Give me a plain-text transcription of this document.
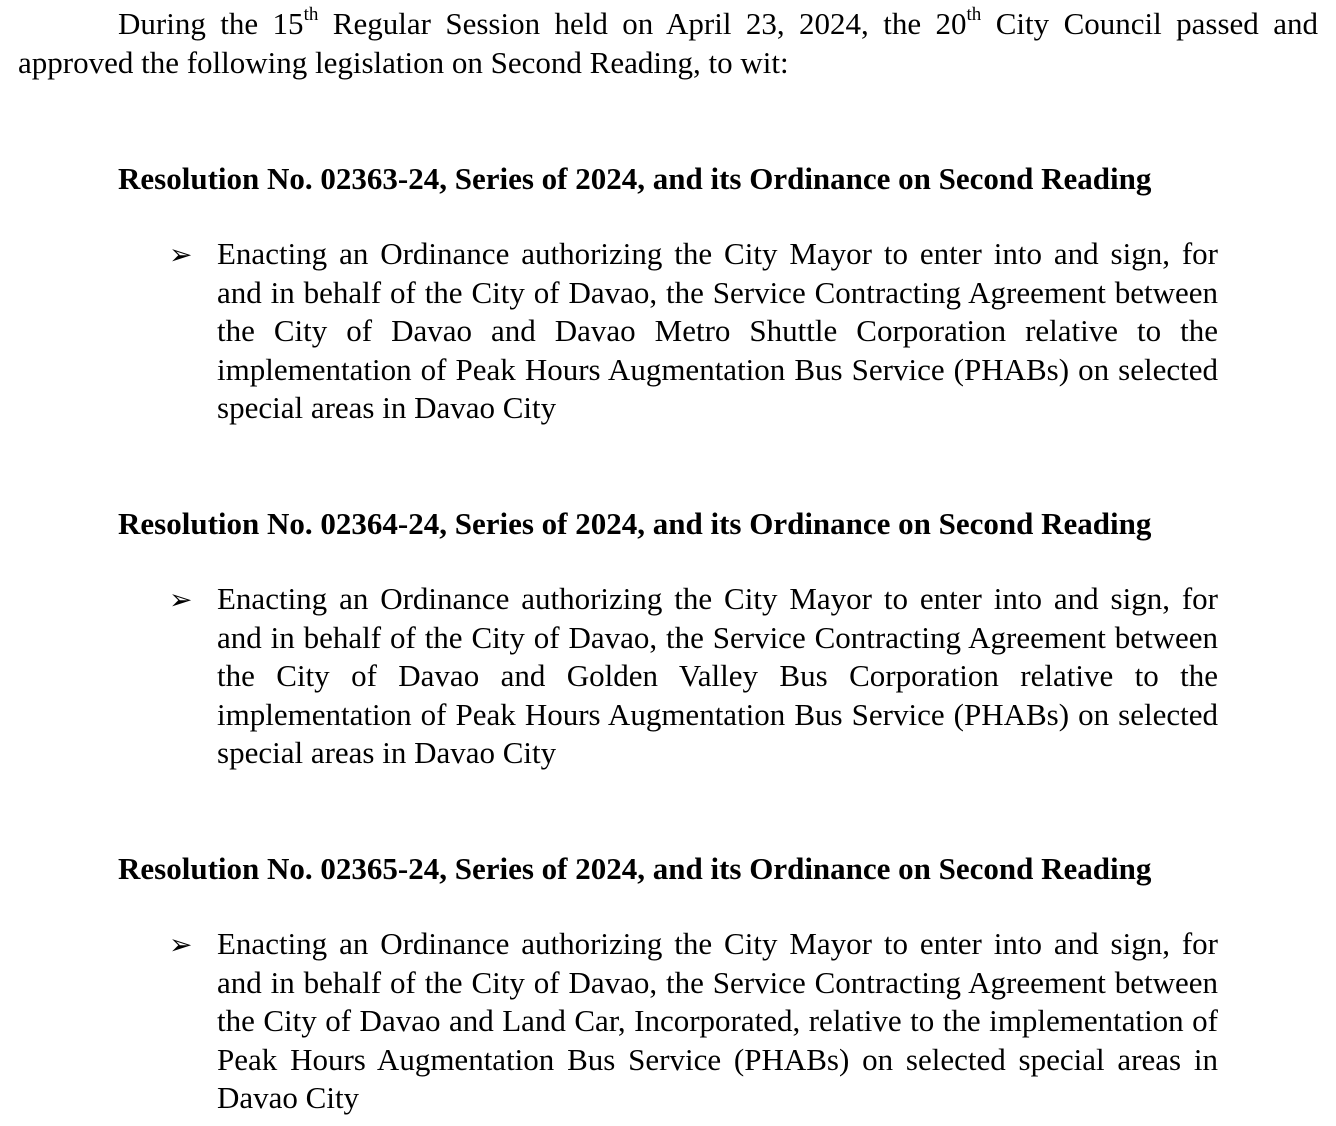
During the 15th Regular Session held on April 23, 2024, the 20th City Council passed and approved the following legislation on Second Reading, to wit:

Resolution No. 02363-24, Series of 2024, and its Ordinance on Second Reading

➢ Enacting an Ordinance authorizing the City Mayor to enter into and sign, for and in behalf of the City of Davao, the Service Contracting Agreement between the City of Davao and Davao Metro Shuttle Corporation relative to the implementation of Peak Hours Augmentation Bus Service (PHABs) on selected special areas in Davao City

Resolution No. 02364-24, Series of 2024, and its Ordinance on Second Reading

➢ Enacting an Ordinance authorizing the City Mayor to enter into and sign, for and in behalf of the City of Davao, the Service Contracting Agreement between the City of Davao and Golden Valley Bus Corporation relative to the implementation of Peak Hours Augmentation Bus Service (PHABs) on selected special areas in Davao City

Resolution No. 02365-24, Series of 2024, and its Ordinance on Second Reading

➢ Enacting an Ordinance authorizing the City Mayor to enter into and sign, for and in behalf of the City of Davao, the Service Contracting Agreement between the City of Davao and Land Car, Incorporated, relative to the implementation of Peak Hours Augmentation Bus Service (PHABs) on selected special areas in Davao City
